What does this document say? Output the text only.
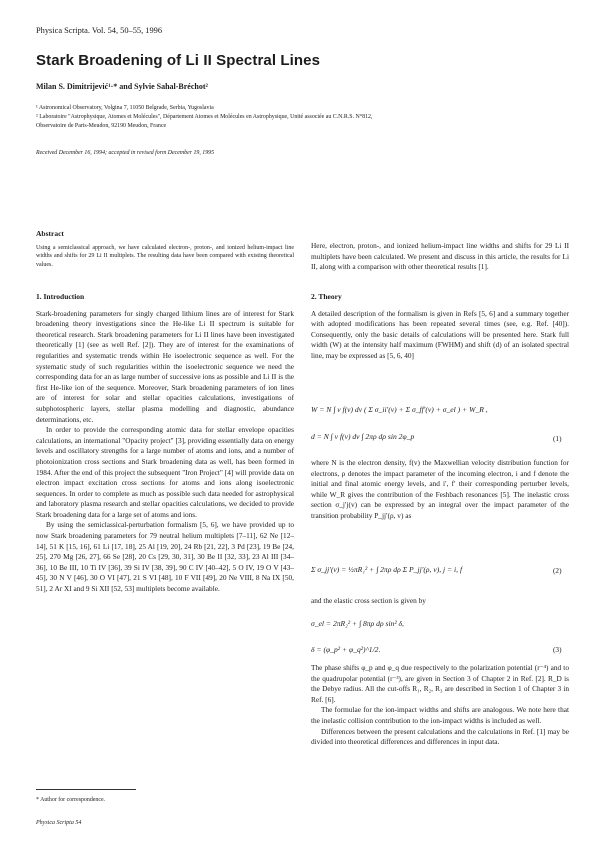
Physica Scripta. Vol. 54, 50–55, 1996
Stark Broadening of Li II Spectral Lines
Milan S. Dimitrijević¹·* and Sylvie Sahal-Bréchot²
¹ Astronomical Observatory, Volgina 7, 11050 Belgrade, Serbia, Yugoslavia
² Laboratoire "Astrophysique, Atomes et Molécules", Département Atomes et Molécules en Astrophysique, Unité associée au C.N.R.S. N°812,
Observatoire de Paris-Meudon, 92190 Meudon, France
Received December 16, 1994; accepted in revised form December 19, 1995
Abstract

Using a semiclassical approach, we have calculated electron-, proton-, and ionized helium-impact line widths and shifts for 29 Li II multiplets. The resulting data have been compared with existing theoretical values.

1. Introduction

Stark-broadening parameters for singly charged lithium lines are of interest for Stark broadening theory investigations since the He-like Li II spectrum is suitable for theoretical research. Stark broadening parameters for Li II lines have been investigated theoretically [1] (see as well Ref. [2]). They are of interest for the examinations of regularities and systematic trends within He isoelectronic sequence as well. For the systematic study of such regularities within the isoelectronic sequence we need the corresponding data for an as large number of successive ions as possible and Li II is the first He-like ion of the sequence. Moreover, Stark broadening parameters of ion lines are of interest for solar and stellar opacities calculations, investigations of subphotospheric layers, stellar plasma modelling and diagnostic, abundance determinations, etc.

In order to provide the corresponding atomic data for stellar envelope opacities calculations, an international "Opacity project" [3], providing essentially data on energy levels and oscillatory strengths for a large number of atoms and ions, and a number of photoionization cross sections and Stark broadening data as well, has been formed in 1984. After the end of this project the subsequent "Iron Project" [4] will provide data on electron impact excitation cross sections for atoms and ions along isoelectronic sequences. In order to complete as much as possible such data needed for astrophysical and laboratory plasma research and stellar opacities calculations, we decided to provide Stark broadening data for a large set of atoms and ions.

By using the semiclassical-perturbation formalism [5, 6], we have provided up to now Stark broadening parameters for 79 neutral helium multiplets [7–11], 62 Ne [12–14], 51 K [15, 16], 61 Li [17, 18], 25 Al [19, 20], 24 Rb [21, 22], 3 Pd [23], 19 Be [24, 25], 270 Mg [26, 27], 66 Se [28], 20 Cs [29, 30, 31], 30 Be II [32, 33], 23 Al III [34–36], 10 Be III, 10 Ti IV [36], 39 Si IV [38, 39], 90 C IV [40–42], 5 O IV, 19 O V [43–45], 30 N V [46], 30 O VI [47], 21 S VI [48], 10 F VII [49], 20 Ne VIII, 8 Na IX [50, 51], 2 Ar XI and 9 Si XII [52, 53] multiplets become available.

Here, electron, proton-, and ionized helium-impact line widths and shifts for 29 Li II multiplets have been calculated. We present and discuss in this article, the results for Li II, along with a comparison with other theoretical results [1].
2. Theory

A detailed description of the formalism is given in Refs [5, 6] and a summary together with adopted modifications has been repeated several times (see, e.g. Ref. [40]). Consequently, only the basic details of calculations will be presented here. Stark full width (W) at the intensity half maximum (FWHM) and shift (d) of an isolated spectral line, may be expressed as [5, 6, 40]

W = N ∫ v f(v) dv ( Σ σ_ii′(v) + Σ σ_ff′(v) + σ_el ) + W_R ,
d = N ∫ v f(v) dv ∫ 2πρ dρ sin 2φ_p	(1)
where N is the electron density, f(v) the Maxwellian velocity distribution function for electrons, ρ denotes the impact parameter of the incoming electron, i and f denote the initial and final atomic energy levels, and i′, f′ their corresponding perturber levels, while W_R gives the contribution of the Feshbach resonances [5]. The inelastic cross section σ_j′j(v) can be expressed by an integral over the impact parameter of the transition probability P_jj′(ρ, v) as
Σ σ_jj′(v) = ½πR₁² + ∫ 2πρ dρ Σ P_jj′(ρ, v), j = i, f	(2)
and the elastic cross section is given by
σ_el = 2πR₂² + ∫ 8πρ dρ sin² δ,
δ = (φ_p² + φ_q²)^1/2.	(3)

The phase shifts φ_p and φ_q due respectively to the polarization potential (r⁻⁴) and to the quadrupolar potential (r⁻³), are given in Section 3 of Chapter 2 in Ref. [2]. R_D is the Debye radius. All the cut-offs R₁, R₂, R₃ are described in Section 1 of Chapter 3 in Ref. [6].

The formulae for the ion-impact widths and shifts are analogous. We note here that the inelastic collision contribution to the ion-impact widths is included as well.

Differences between the present calculations and the calculations in Ref. [1] may be divided into theoretical differences and differences in input data.

* Author for correspondence.
Physica Scripta 54
